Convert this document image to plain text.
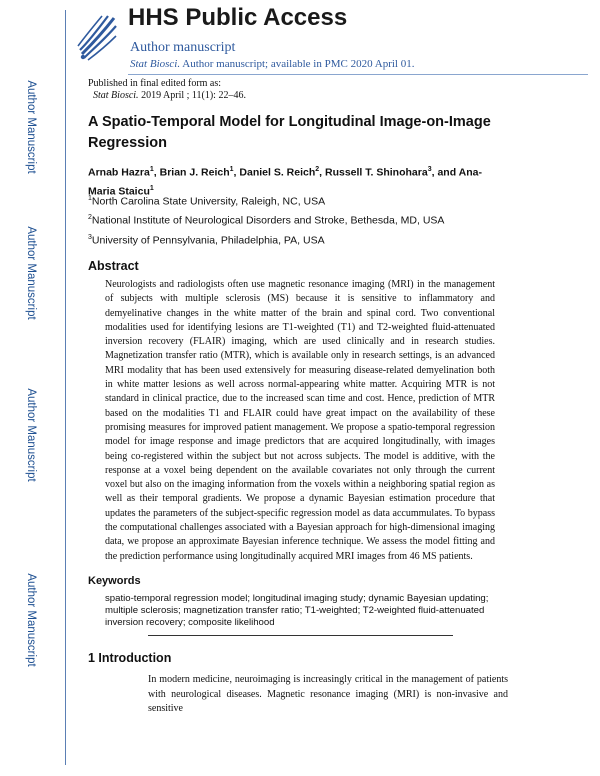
Author Manuscript
Author Manuscript
Author Manuscript
Author Manuscript
HHS Public Access
Author manuscript
Stat Biosci. Author manuscript; available in PMC 2020 April 01.
Published in final edited form as:
Stat Biosci. 2019 April ; 11(1): 22–46.
A Spatio-Temporal Model for Longitudinal Image-on-Image Regression
Arnab Hazra$^1$, Brian J. Reich$^1$, Daniel S. Reich$^2$, Russell T. Shinohara$^3$, and Ana-Maria Staicu$^1$
$^1$North Carolina State University, Raleigh, NC, USA
$^2$National Institute of Neurological Disorders and Stroke, Bethesda, MD, USA
$^3$University of Pennsylvania, Philadelphia, PA, USA
Abstract
Neurologists and radiologists often use magnetic resonance imaging (MRI) in the management of subjects with multiple sclerosis (MS) because it is sensitive to inflammatory and demyelinative changes in the white matter of the brain and spinal cord. Two conventional modalities used for identifying lesions are T1-weighted (T1) and T2-weighted fluid-attenuated inversion recovery (FLAIR) imaging, which are used clinically and in research studies. Magnetization transfer ratio (MTR), which is available only in research settings, is an advanced MRI modality that has been used extensively for measuring disease-related demyelination both in white matter lesions as well across normal-appearing white matter. Acquiring MTR is not standard in clinical practice, due to the increased scan time and cost. Hence, prediction of MTR based on the modalities T1 and FLAIR could have great impact on the availability of these promising measures for improved patient management. We propose a spatio-temporal regression model for image response and image predictors that are acquired longitudinally, with images being co-registered within the subject but not across subjects. The model is additive, with the response at a voxel being dependent on the available covariates not only through the current voxel but also on the imaging information from the voxels within a neighboring spatial region as well as their temporal gradients. We propose a dynamic Bayesian estimation procedure that updates the parameters of the subject-specific regression model as data accummulates. To bypass the computational challenges associated with a Bayesian approach for high-dimensional imaging data, we propose an approximate Bayesian inference technique. We assess the model fitting and the prediction performance using longitudinally acquired MRI images from 46 MS patients.
Keywords
spatio-temporal regression model; longitudinal imaging study; dynamic Bayesian updating; multiple sclerosis; magnetization transfer ratio; T1-weighted; T2-weighted fluid-attenuated inversion recovery; composite likelihood
1 Introduction
In modern medicine, neuroimaging is increasingly critical in the management of patients with neurological diseases. Magnetic resonance imaging (MRI) is non-invasive and sensitive
